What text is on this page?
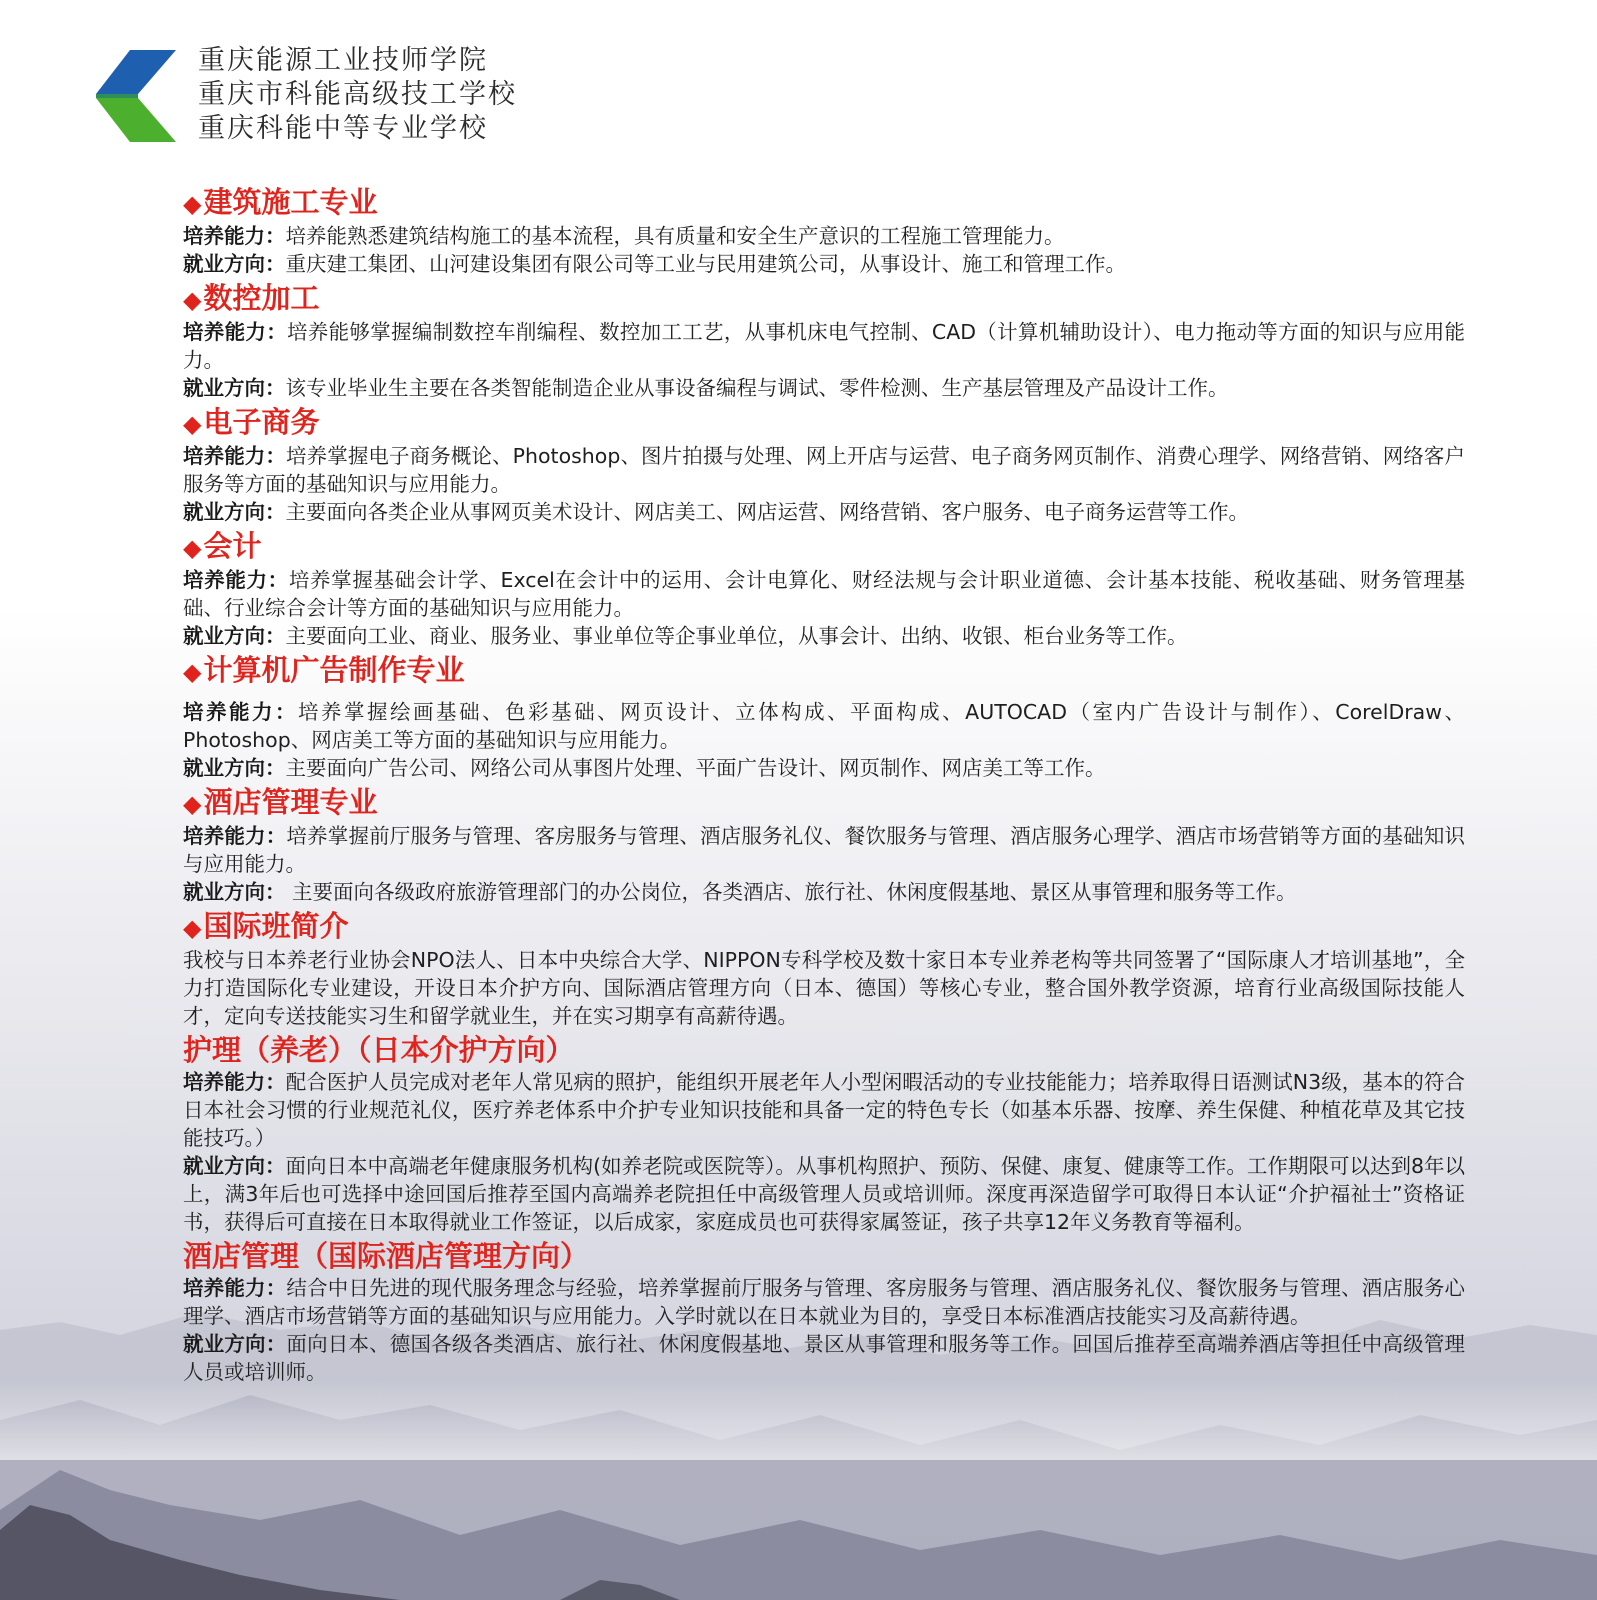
重庆能源工业技师学院

重庆市科能高级技工学校

重庆科能中等专业学校

◆建筑施工专业

培养能力：培养能熟悉建筑结构施工的基本流程，具有质量和安全生产意识的工程施工管理能力。

就业方向：重庆建工集团、山河建设集团有限公司等工业与民用建筑公司，从事设计、施工和管理工作。

◆数控加工

培养能力：培养能够掌握编制数控车削编程、数控加工工艺，从事机床电气控制、CAD（计算机辅助设计）、电力拖动等方面的知识与应用能力。

就业方向：该专业毕业生主要在各类智能制造企业从事设备编程与调试、零件检测、生产基层管理及产品设计工作。

◆电子商务

培养能力：培养掌握电子商务概论、Photoshop、图片拍摄与处理、网上开店与运营、电子商务网页制作、消费心理学、网络营销、网络客户服务等方面的基础知识与应用能力。

就业方向：主要面向各类企业从事网页美术设计、网店美工、网店运营、网络营销、客户服务、电子商务运营等工作。

◆会计

培养能力：培养掌握基础会计学、Excel在会计中的运用、会计电算化、财经法规与会计职业道德、会计基本技能、税收基础、财务管理基础、行业综合会计等方面的基础知识与应用能力。

就业方向：主要面向工业、商业、服务业、事业单位等企事业单位，从事会计、出纳、收银、柜台业务等工作。

◆计算机广告制作专业

培养能力：培养掌握绘画基础、色彩基础、网页设计、立体构成、平面构成、AUTOCAD（室内广告设计与制作）、CorelDraw、Photoshop、网店美工等方面的基础知识与应用能力。

就业方向：主要面向广告公司、网络公司从事图片处理、平面广告设计、网页制作、网店美工等工作。

◆酒店管理专业

培养能力：培养掌握前厅服务与管理、客房服务与管理、酒店服务礼仪、餐饮服务与管理、酒店服务心理学、酒店市场营销等方面的基础知识与应用能力。

就业方向： 主要面向各级政府旅游管理部门的办公岗位，各类酒店、旅行社、休闲度假基地、景区从事管理和服务等工作。

◆国际班简介

我校与日本养老行业协会NPO法人、日本中央综合大学、NIPPON专科学校及数十家日本专业养老构等共同签署了“国际康人才培训基地”，全力打造国际化专业建设，开设日本介护方向、国际酒店管理方向（日本、德国）等核心专业，整合国外教学资源，培育行业高级国际技能人才，定向专送技能实习生和留学就业生，并在实习期享有高薪待遇。

护理（养老）（日本介护方向）

培养能力：配合医护人员完成对老年人常见病的照护，能组织开展老年人小型闲暇活动的专业技能能力；培养取得日语测试N3级，基本的符合日本社会习惯的行业规范礼仪，医疗养老体系中介护专业知识技能和具备一定的特色专长（如基本乐器、按摩、养生保健、种植花草及其它技能技巧。）

就业方向：面向日本中高端老年健康服务机构(如养老院或医院等）。从事机构照护、预防、保健、康复、健康等工作。工作期限可以达到8年以上，满3年后也可选择中途回国后推荐至国内高端养老院担任中高级管理人员或培训师。深度再深造留学可取得日本认证“介护福祉士”资格证书，获得后可直接在日本取得就业工作签证，以后成家，家庭成员也可获得家属签证，孩子共享12年义务教育等福利。

酒店管理（国际酒店管理方向）

培养能力：结合中日先进的现代服务理念与经验，培养掌握前厅服务与管理、客房服务与管理、酒店服务礼仪、餐饮服务与管理、酒店服务心理学、酒店市场营销等方面的基础知识与应用能力。入学时就以在日本就业为目的，享受日本标准酒店技能实习及高薪待遇。

就业方向：面向日本、德国各级各类酒店、旅行社、休闲度假基地、景区从事管理和服务等工作。回国后推荐至高端养酒店等担任中高级管理人员或培训师。
